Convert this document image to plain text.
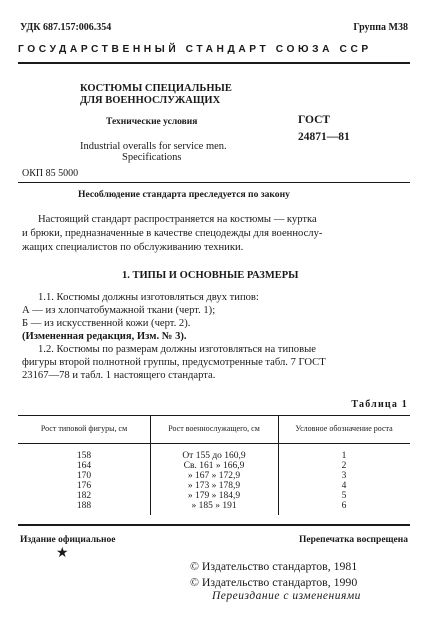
УДК 687.157:006.354	Группа М38
ГОСУДАРСТВЕННЫЙ СТАНДАРТ СОЮЗА ССР
КОСТЮМЫ СПЕЦИАЛЬНЫЕ
ДЛЯ ВОЕННОСЛУЖАЩИХ
Технические условия
Industrial overalls for service men.
Specifications
ГОСТ
24871—81
ОКП 85 5000
Несоблюдение стандарта преследуется по закону
Настоящий стандарт распространяется на костюмы — куртка
и брюки, предназначенные в качестве спецодежды для военнослу-
жащих специалистов по обслуживанию техники.
1. ТИПЫ И ОСНОВНЫЕ РАЗМЕРЫ
1.1. Костюмы должны изготовляться двух типов:
А — из хлопчатобумажной ткани (черт. 1);
Б — из искусственной кожи (черт. 2).
(Измененная редакция, Изм. № 3).
1.2. Костюмы по размерам должны изготовляться на типовые
фигуры второй полнотной группы, предусмотренные табл. 7 ГОСТ
23167—78 и табл. 1 настоящего стандарта.
Таблица 1
Рост типовой фигуры, см	Рост военнослужащего, см	Условное обозначение роста
158	От 155 до 160,9	1
164	Св. 161 » 166,9	2
170	» 167 » 172,9	3
176	» 173 » 178,9	4
182	» 179 » 184,9	5
188	» 185 » 191	6
Издание официальное	Перепечатка воспрещена
★
© Издательство стандартов, 1981
© Издательство стандартов, 1990
Переиздание с изменениями
